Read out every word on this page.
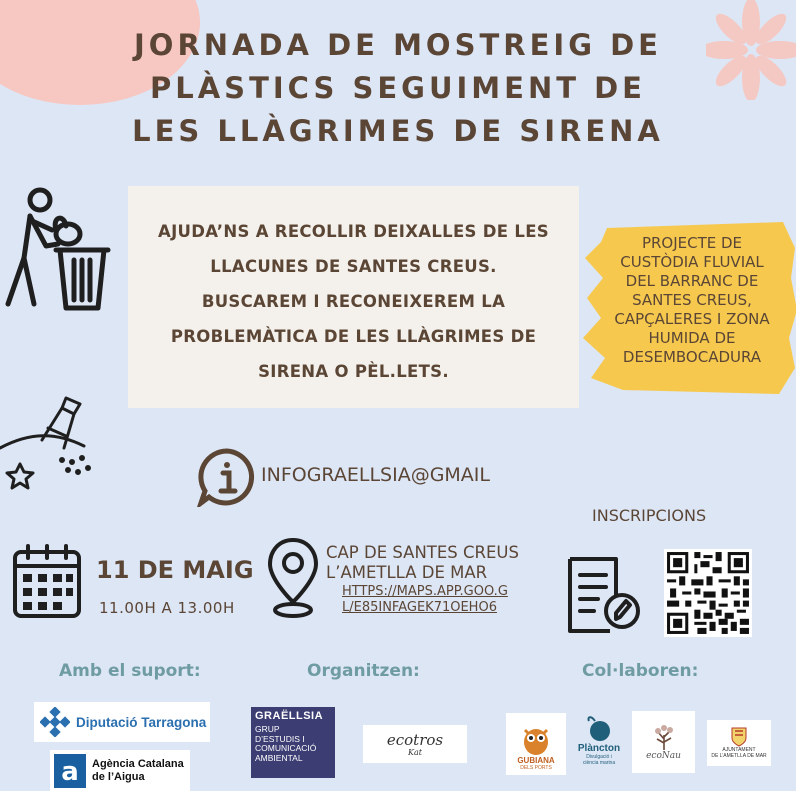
JORNADA DE MOSTREIG DE
PLÀSTICS SEGUIMENT DE
LES LLÀGRIMES DE SIRENA
AJUDA’NS A RECOLLIR DEIXALLES DE LES
LLACUNES DE SANTES CREUS.
BUSCAREM I RECONEIXEREM LA
PROBLEMÀTICA DE LES LLÀGRIMES DE
SIRENA O PÈL.LETS.
PROJECTE DE
CUSTÒDIA FLUVIAL
DEL BARRANC DE
SANTES CREUS,
CAPÇALERES I ZONA
HUMIDA DE
DESEMBOCADURA
INFOGRAELLSIA@GMAIL
INSCRIPCIONS
11 DE MAIG
11.00H A 13.00H
CAP DE SANTES CREUS
L’AMETLLA DE MAR
HTTPS://MAPS.APP.GOO.G
L/E85INFAGEK71OEHO6
Amb el suport:	Organitzen:	Col·laboren:
Diputació Tarragona
a Agència Catalana
de l’Aigua
GRAËLLSIA
GRUP
D’ESTUDIS I
COMUNICACIÓ
AMBIENTAL
ecotros
Kat
GUBIANA
DELS PORTS
Plàncton
Divulgació i
ciència marina
ecoNau
AJUNTAMENT
DE L’AMETLLA DE MAR
